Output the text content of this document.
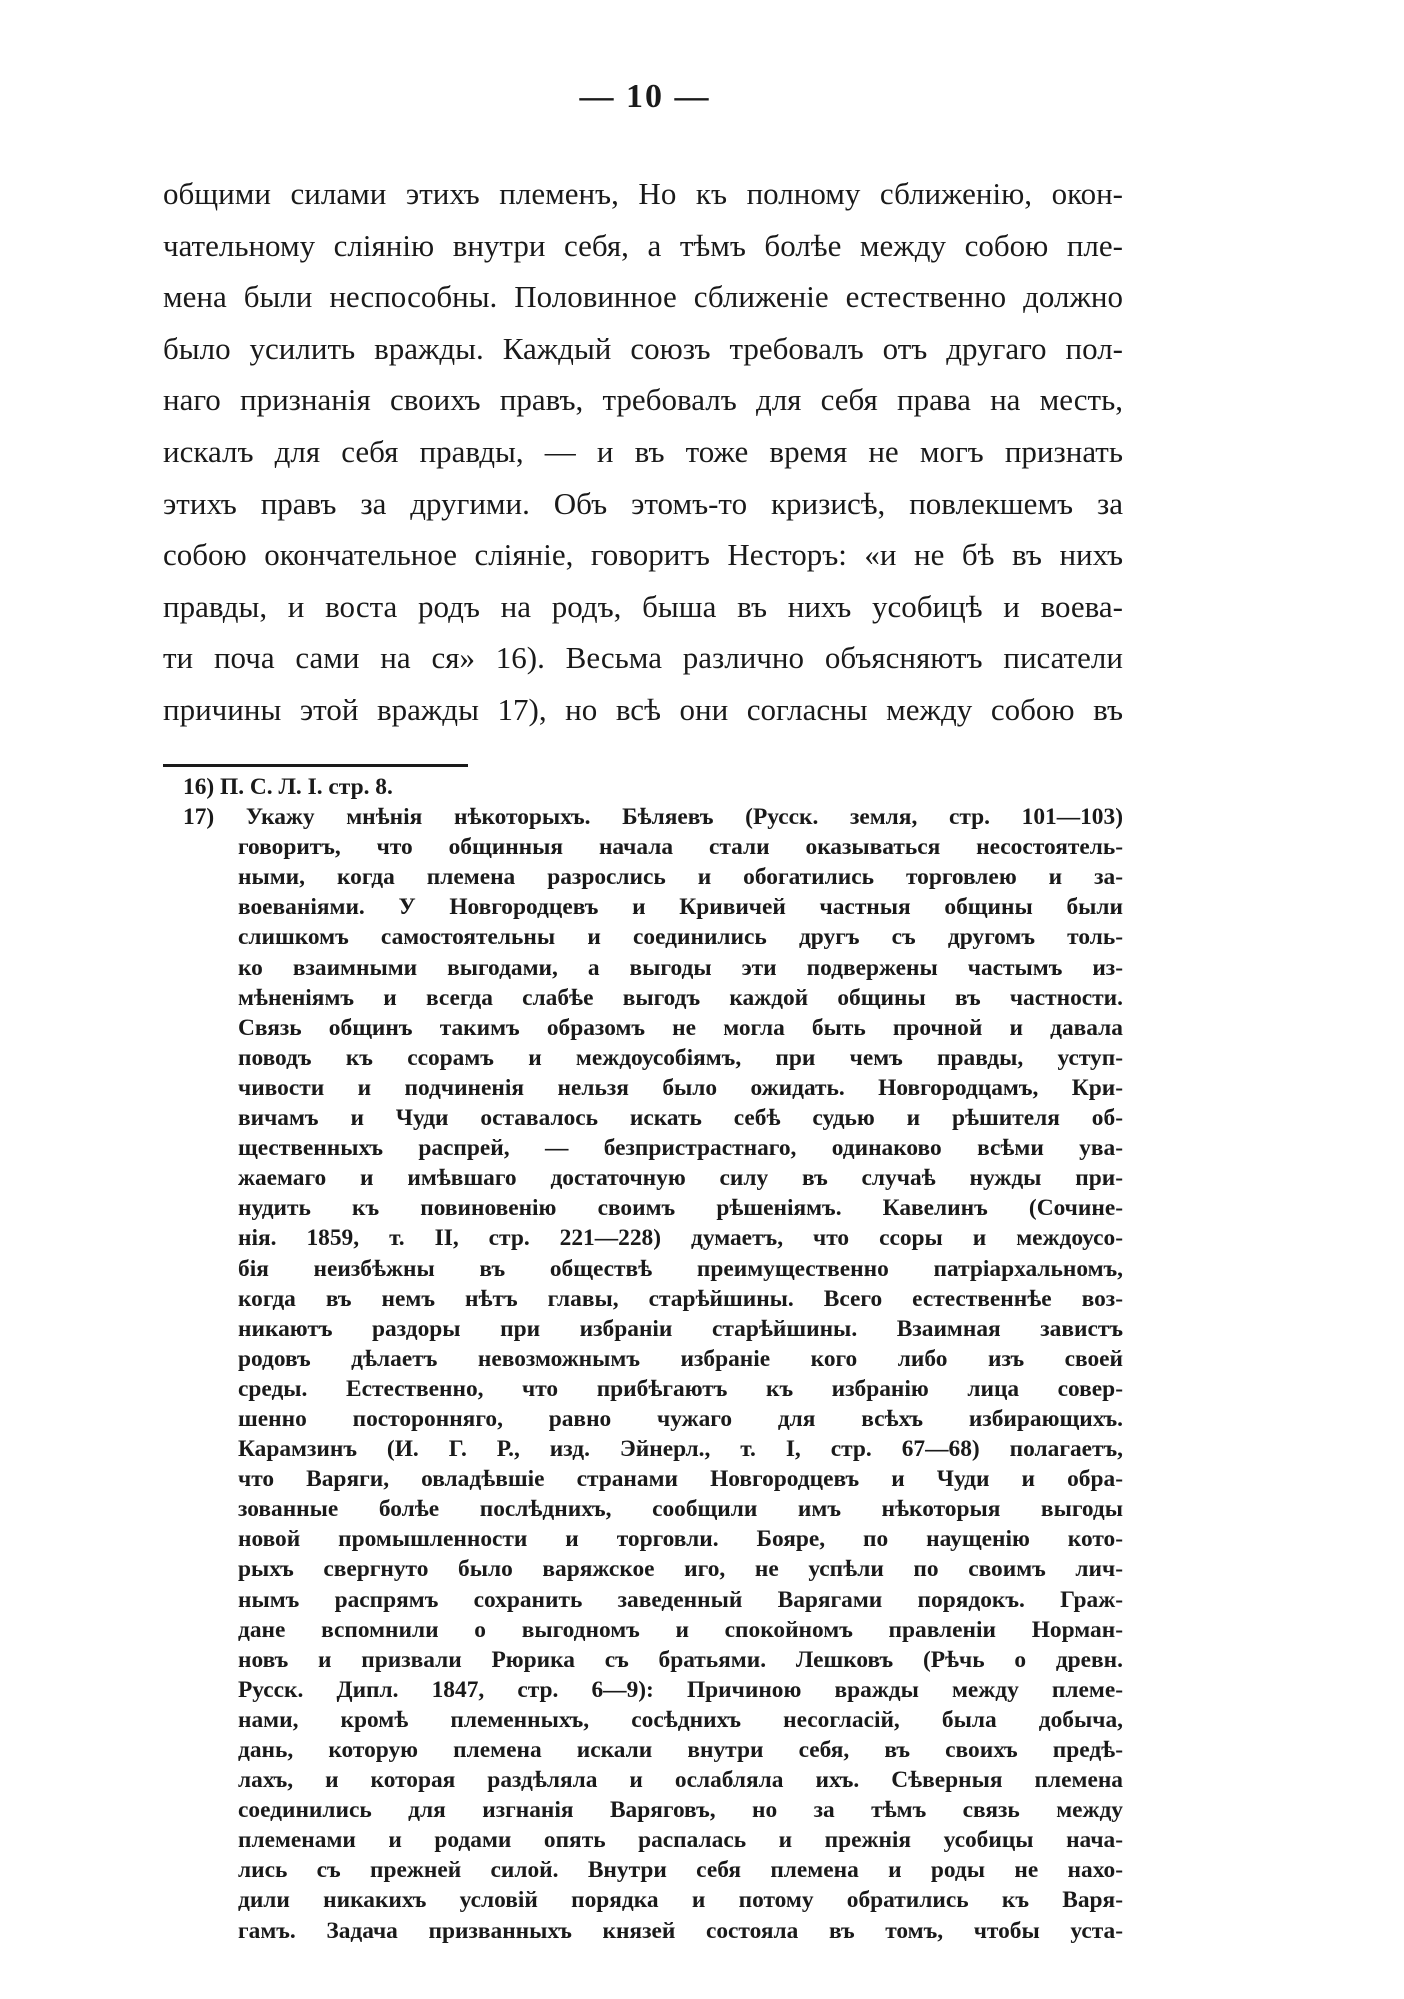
— 10 —
общими силами этихъ племенъ, Но къ полному сближенію, окон-
чательному слiянію внутри себя, а тѣмъ болѣе между собою пле-
мена были неспособны. Половинное сближеніе естественно должно
было усилить вражды. Каждый союзъ требовалъ отъ другаго пол-
наго признанія своихъ правъ, требовалъ для себя права на месть,
искалъ для себя правды, — и въ тоже время не могъ признать
этихъ правъ за другими. Объ этомъ-то кризисѣ, повлекшемъ за
собою окончательное слiяніе, говоритъ Несторъ: «и не бѣ въ нихъ
правды, и воста родъ на родъ, быша въ нихъ усобицѣ и воева-
ти почa сами на ся» 16). Весьма различно объясняютъ писатели
причины этой вражды 17), но всѣ они согласны между собою въ
16) П. С. Л. I. стр. 8.
17) Укажу мнѣнія нѣкоторыхъ. Бѣляевъ (Русск. земля, стр. 101—103)
говоритъ, что общинныя начала стали оказываться несостоятель-
ными, когда племена разрослись и обогатились торговлею и за-
воеваніями. У Новгородцевъ и Кривичей частныя общины были
слишкомъ самостоятельны и соединились другъ съ другомъ толь-
ко взаимными выгодами, а выгоды эти подвержены частымъ из-
мѣненіямъ и всегда слабѣе выгодъ каждой общины въ частности.
Связь общинъ такимъ образомъ не могла быть прочной и давала
поводъ къ ссорамъ и междоусобіямъ, при чемъ правды, уступ-
чивости и подчиненія нельзя было ожидать. Новгородцамъ, Кри-
вичамъ и Чуди оставалось искать себѣ судью и рѣшителя об-
щественныхъ распрей, — безпристрастнаго, одинаково всѣми ува-
жаемаго и имѣвшаго достаточную силу въ случаѣ нужды при-
нудить къ повиновенію своимъ рѣшеніямъ. Кавелинъ (Сочине-
нія. 1859, т. II, стр. 221—228) думаетъ, что ссоры и междоусо-
бія неизбѣжны въ обществѣ преимущественно патріархальномъ,
когда въ немъ нѣтъ главы, старѣйшины. Всего естественнѣе воз-
никаютъ раздоры при избраніи старѣйшины. Взаимная завистъ
родовъ дѣлаетъ невозможнымъ избраніе кого либо изъ своей
среды. Естественно, что прибѣгаютъ къ избранію лица совер-
шенно посторонняго, равно чужаго для всѣхъ избирающихъ.
Карамзинъ (И. Г. Р., изд. Эйнерл., т. I, стр. 67—68) полагаетъ,
что Варяги, овладѣвшіе странами Новгородцевъ и Чуди и обра-
зованные болѣе послѣднихъ, сообщили имъ нѣкоторыя выгоды
новой промышленности и торговли. Бояре, по наущенію кото-
рыхъ свергнуто было варяжское иго, не успѣли по своимъ лич-
нымъ распрямъ сохранить заведенный Варягами порядокъ. Граж-
дане вспомнили о выгодномъ и спокойномъ правленіи Норман-
новъ и призвали Рюрика съ братьями. Лешковъ (Рѣчь о древн.
Русск. Дипл. 1847, стр. 6—9): Причиною вражды между племе-
нами, кромѣ племенныхъ, сосѣднихъ несогласій, была добыча,
дань, которую племена искали внутри себя, въ своихъ предѣ-
лахъ, и которая раздѣляла и ослабляла ихъ. Сѣверныя племена
соединились для изгнанія Варяговъ, но за тѣмъ связь между
племенами и родами опять распалась и прежнія усобицы нача-
лись съ прежней силой. Внутри себя племена и роды не нахо-
дили никакихъ условій порядка и потому обратились къ Варя-
гамъ. Задача призванныхъ князей состояла въ томъ, чтобы уста-
